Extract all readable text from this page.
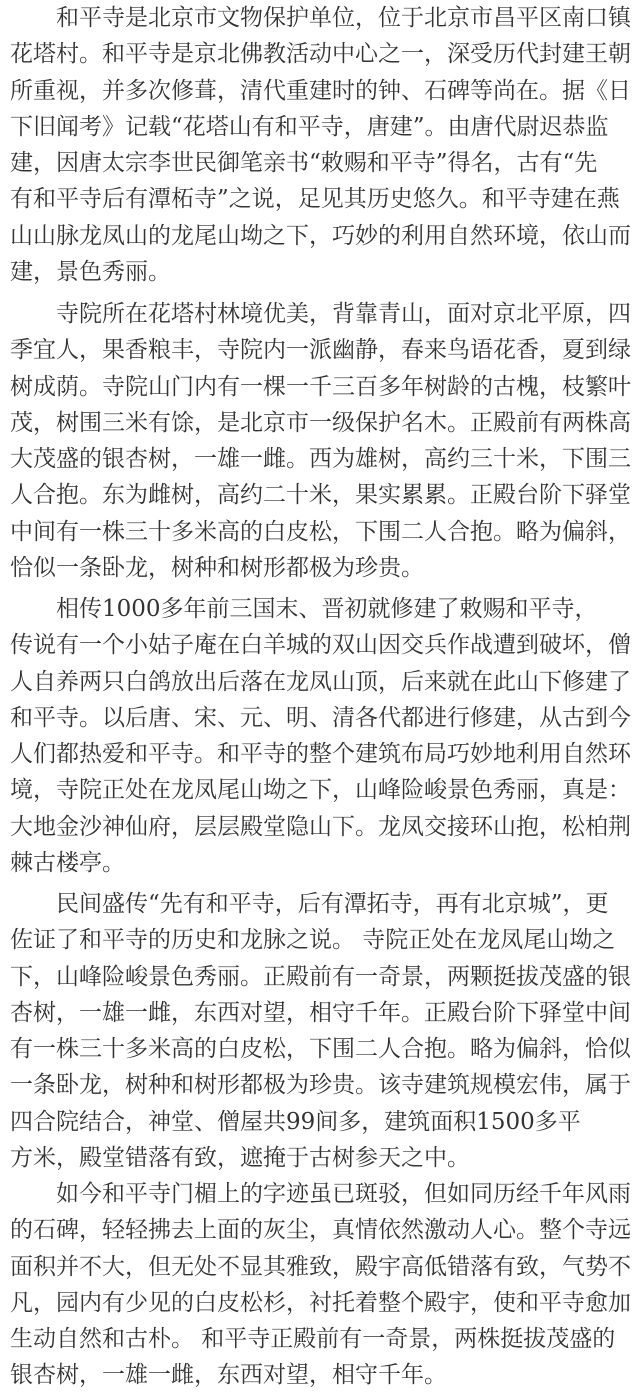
和平寺是北京市文物保护单位，位于北京市昌平区南口镇
花塔村。和平寺是京北佛教活动中心之一，深受历代封建王朝
所重视，并多次修葺，清代重建时的钟、石碑等尚在。据《日
下旧闻考》记载“花塔山有和平寺，唐建”。由唐代尉迟恭监
建，因唐太宗李世民御笔亲书“敕赐和平寺”得名，古有“先
有和平寺后有潭柘寺”之说，足见其历史悠久。和平寺建在燕
山山脉龙凤山的龙尾山坳之下，巧妙的利用自然环境，依山而
建，景色秀丽。
寺院所在花塔村林境优美，背靠青山，面对京北平原，四
季宜人，果香粮丰，寺院内一派幽静，春来鸟语花香，夏到绿
树成荫。寺院山门内有一棵一千三百多年树龄的古槐，枝繁叶
茂，树围三米有馀，是北京市一级保护名木。正殿前有两株高
大茂盛的银杏树，一雄一雌。西为雄树，高约三十米，下围三
人合抱。东为雌树，高约二十米，果实累累。正殿台阶下驿堂
中间有一株三十多米高的白皮松，下围二人合抱。略为偏斜，
恰似一条卧龙，树种和树形都极为珍贵。
相传1000多年前三国末、晋初就修建了敕赐和平寺，
传说有一个小姑子庵在白羊城的双山因交兵作战遭到破坏，僧
人自养两只白鸽放出后落在龙凤山顶，后来就在此山下修建了
和平寺。以后唐、宋、元、明、清各代都进行修建，从古到今
人们都热爱和平寺。和平寺的整个建筑布局巧妙地利用自然环
境，寺院正处在龙凤尾山坳之下，山峰险峻景色秀丽，真是：
大地金沙神仙府，层层殿堂隐山下。龙凤交接环山抱，松柏荆
棘古楼亭。
民间盛传“先有和平寺，后有潭拓寺，再有北京城”，更
佐证了和平寺的历史和龙脉之说。 寺院正处在龙凤尾山坳之
下，山峰险峻景色秀丽。正殿前有一奇景，两颗挺拔茂盛的银
杏树，一雄一雌，东西对望，相守千年。正殿台阶下驿堂中间
有一株三十多米高的白皮松，下围二人合抱。略为偏斜，恰似
一条卧龙，树种和树形都极为珍贵。该寺建筑规模宏伟，属于
四合院结合，神堂、僧屋共99间多，建筑面积1500多平
方米，殿堂错落有致，遮掩于古树参天之中。
如今和平寺门楣上的字迹虽已斑驳，但如同历经千年风雨
的石碑，轻轻拂去上面的灰尘，真情依然激动人心。整个寺远
面积并不大，但无处不显其雅致，殿宇高低错落有致，气势不
凡，园内有少见的白皮松杉，衬托着整个殿宇，使和平寺愈加
生动自然和古朴。 和平寺正殿前有一奇景，两株挺拔茂盛的
银杏树，一雄一雌，东西对望，相守千年。
